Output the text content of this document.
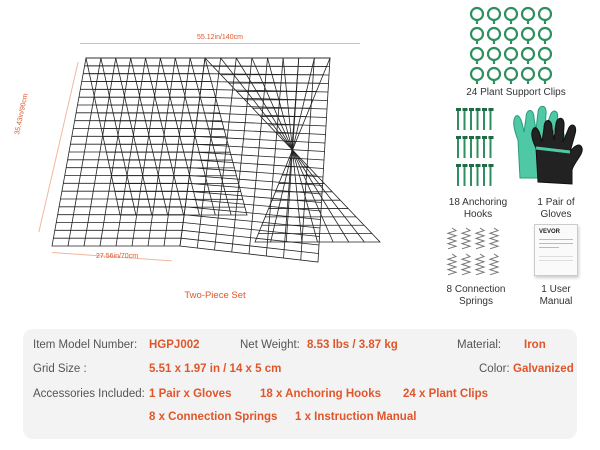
55.12in/140cm
35.43in/90cm
27.56in/70cm
Two-Piece Set
24 Plant Support Clips
18 Anchoring
Hooks
1 Pair of
Gloves
8 Connection
Springs
VEVOR
1 User
Manual
Item Model Number: HGPJ002	Net Weight: 8.53 lbs / 3.87 kg	Material: Iron
Grid Size :	5.51 x 1.97 in / 14 x 5 cm	Color: Galvanized
Accessories Included: 1 Pair x Gloves 18 x Anchoring Hooks 24 x Plant Clips
8 x Connection Springs 1 x Instruction Manual
